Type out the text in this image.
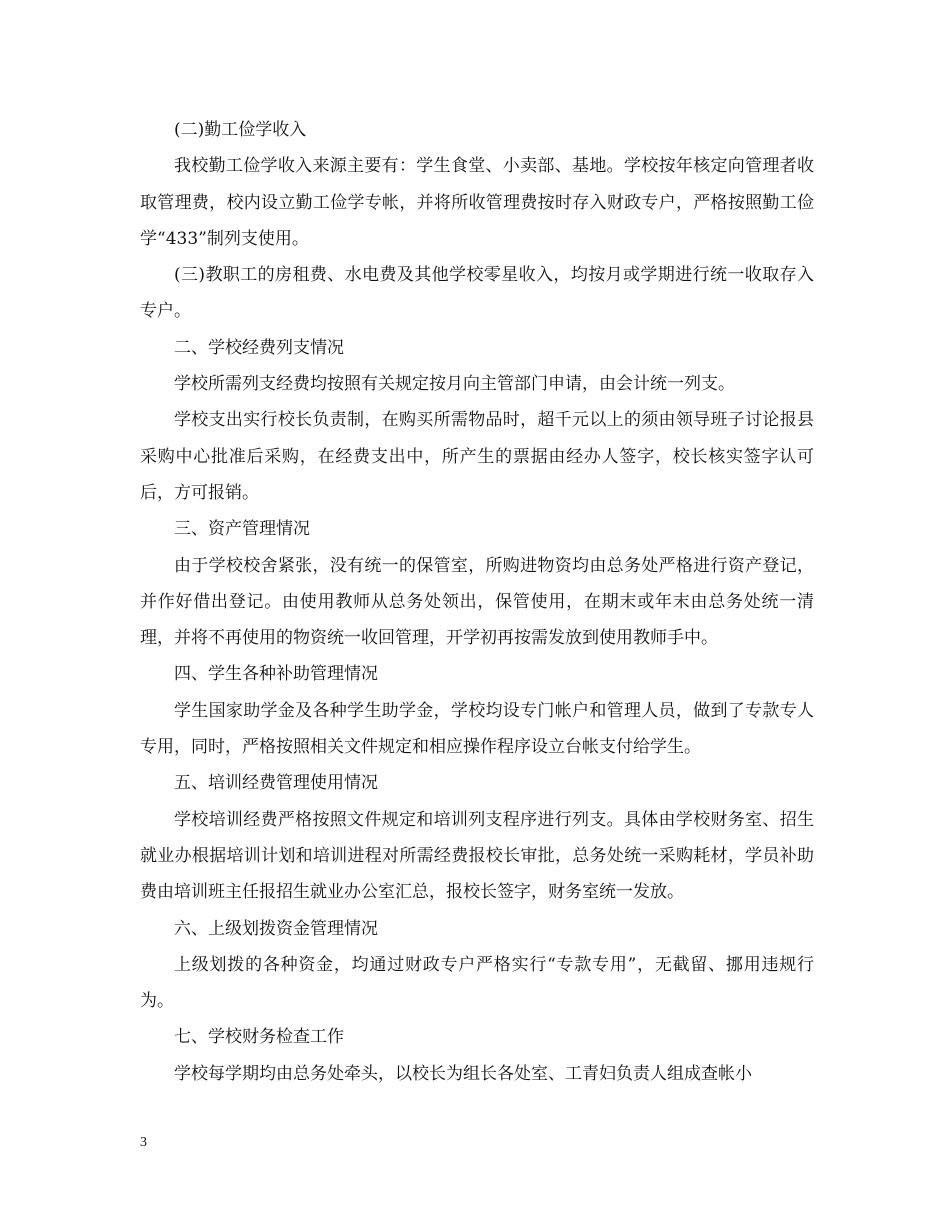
(二)勤工俭学收入

我校勤工俭学收入来源主要有：学生食堂、小卖部、基地。学校按年核定向管理者收取管理费，校内设立勤工俭学专帐，并将所收管理费按时存入财政专户，严格按照勤工俭学“433”制列支使用。

(三)教职工的房租费、水电费及其他学校零星收入，均按月或学期进行统一收取存入专户。

二、学校经费列支情况

学校所需列支经费均按照有关规定按月向主管部门申请，由会计统一列支。

学校支出实行校长负责制，在购买所需物品时，超千元以上的须由领导班子讨论报县采购中心批准后采购，在经费支出中，所产生的票据由经办人签字，校长核实签字认可后，方可报销。

三、资产管理情况

由于学校校舍紧张，没有统一的保管室，所购进物资均由总务处严格进行资产登记，并作好借出登记。由使用教师从总务处领出，保管使用，在期末或年末由总务处统一清理，并将不再使用的物资统一收回管理，开学初再按需发放到使用教师手中。

四、学生各种补助管理情况

学生国家助学金及各种学生助学金，学校均设专门帐户和管理人员，做到了专款专人专用，同时，严格按照相关文件规定和相应操作程序设立台帐支付给学生。

五、培训经费管理使用情况

学校培训经费严格按照文件规定和培训列支程序进行列支。具体由学校财务室、招生就业办根据培训计划和培训进程对所需经费报校长审批，总务处统一采购耗材，学员补助费由培训班主任报招生就业办公室汇总，报校长签字，财务室统一发放。

六、上级划拨资金管理情况

上级划拨的各种资金，均通过财政专户严格实行“专款专用”，无截留、挪用违规行为。

七、学校财务检查工作

学校每学期均由总务处牵头，以校长为组长各处室、工青妇负责人组成查帐小

3
